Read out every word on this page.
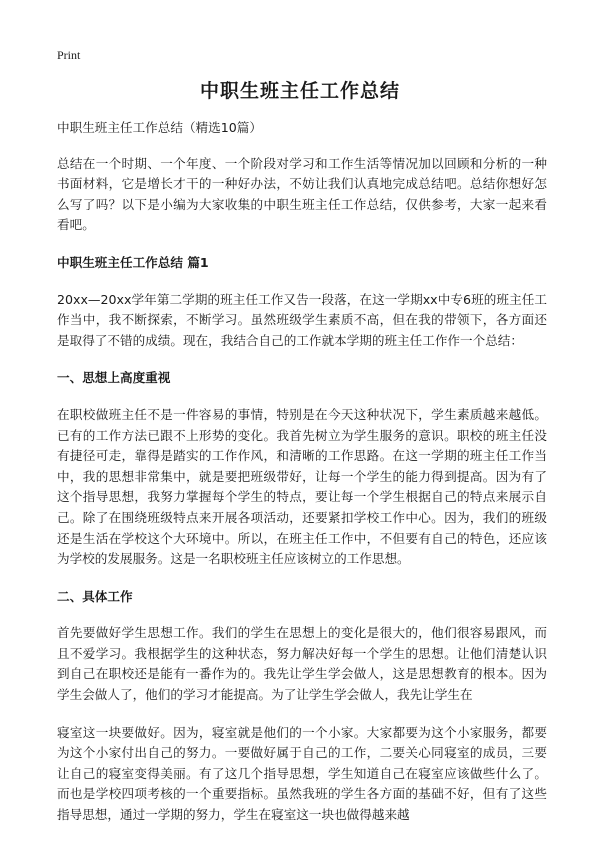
Print
中职生班主任工作总结

中职生班主任工作总结（精选10篇）

总结在一个时期、一个年度、一个阶段对学习和工作生活等情况加以回顾和分析的一种书面材料，它是增长才干的一种好办法，不妨让我们认真地完成总结吧。总结你想好怎么写了吗？以下是小编为大家收集的中职生班主任工作总结，仅供参考，大家一起来看看吧。

中职生班主任工作总结 篇1

20xx—20xx学年第二学期的班主任工作又告一段落，在这一学期xx中专6班的班主任工作当中，我不断探索，不断学习。虽然班级学生素质不高，但在我的带领下，各方面还是取得了不错的成绩。现在，我结合自己的工作就本学期的班主任工作作一个总结：

一、思想上高度重视

在职校做班主任不是一件容易的事情，特别是在今天这种状况下，学生素质越来越低。已有的工作方法已跟不上形势的变化。我首先树立为学生服务的意识。职校的班主任没有捷径可走，靠得是踏实的工作作风，和清晰的工作思路。在这一学期的班主任工作当中，我的思想非常集中，就是要把班级带好，让每一个学生的能力得到提高。因为有了这个指导思想，我努力掌握每个学生的特点，要让每一个学生根据自己的特点来展示自己。除了在围绕班级特点来开展各项活动，还要紧扣学校工作中心。因为，我们的班级还是生活在学校这个大环境中。所以，在班主任工作中，不但要有自己的特色，还应该为学校的发展服务。这是一名职校班主任应该树立的工作思想。

二、具体工作

首先要做好学生思想工作。我们的学生在思想上的变化是很大的，他们很容易跟风，而且不爱学习。我根据学生的这种状态，努力解决好每一个学生的思想。让他们清楚认识到自己在职校还是能有一番作为的。我先让学生学会做人，这是思想教育的根本。因为学生会做人了，他们的学习才能提高。为了让学生学会做人，我先让学生在

寝室这一块要做好。因为，寝室就是他们的一个小家。大家都要为这个小家服务，都要为这个小家付出自己的努力。一要做好属于自己的工作，二要关心同寝室的成员，三要让自己的寝室变得美丽。有了这几个指导思想，学生知道自己在寝室应该做些什么了。而也是学校四项考核的一个重要指标。虽然我班的学生各方面的基础不好，但有了这些指导思想，通过一学期的努力，学生在寝室这一块也做得越来越
